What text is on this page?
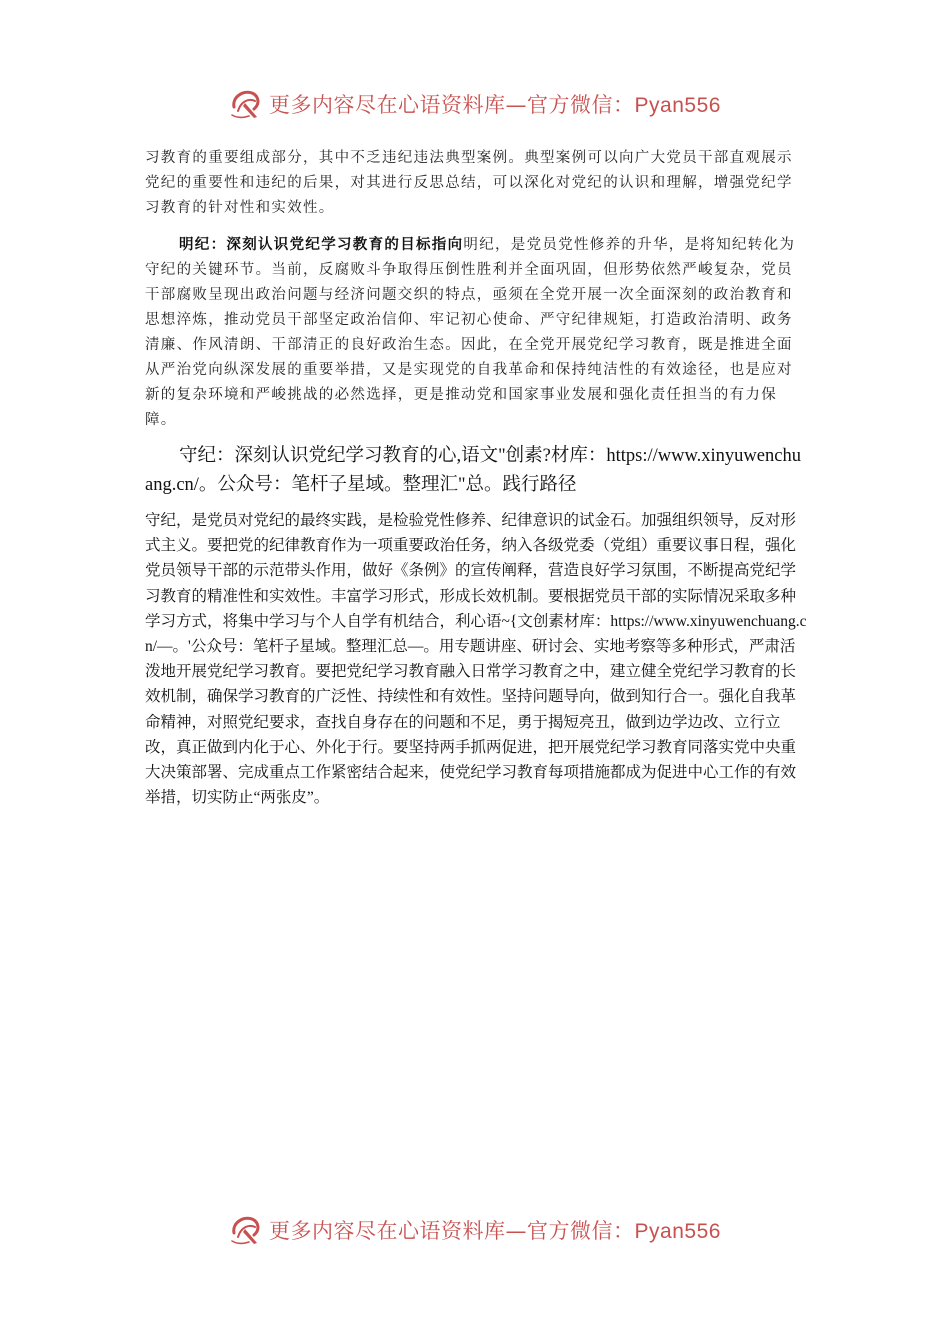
更多内容尽在心语资料库—官方微信：Pyan556
习教育的重要组成部分，其中不乏违纪违法典型案例。典型案例可以向广大党员干部直观展示党纪的重要性和违纪的后果，对其进行反思总结，可以深化对党纪的认识和理解，增强党纪学习教育的针对性和实效性。
明纪：深刻认识党纪学习教育的目标指向明纪，是党员党性修养的升华，是将知纪转化为守纪的关键环节。当前，反腐败斗争取得压倒性胜利并全面巩固，但形势依然严峻复杂，党员干部腐败呈现出政治问题与经济问题交织的特点，亟须在全党开展一次全面深刻的政治教育和思想淬炼，推动党员干部坚定政治信仰、牢记初心使命、严守纪律规矩，打造政治清明、政务清廉、作风清朗、干部清正的良好政治生态。因此，在全党开展党纪学习教育，既是推进全面从严治党向纵深发展的重要举措，又是实现党的自我革命和保持纯洁性的有效途径，也是应对新的复杂环境和严峻挑战的必然选择，更是推动党和国家事业发展和强化责任担当的有力保障。
守纪：深刻认识党纪学习教育的心,语文"创素?材库：https://www.xinyuwenchuang.cn/。公众号：笔杆子星域。整理汇"总。践行路径
守纪，是党员对党纪的最终实践，是检验党性修养、纪律意识的试金石。加强组织领导，反对形式主义。要把党的纪律教育作为一项重要政治任务，纳入各级党委（党组）重要议事日程，强化党员领导干部的示范带头作用，做好《条例》的宣传阐释，营造良好学习氛围，不断提高党纪学习教育的精准性和实效性。丰富学习形式，形成长效机制。要根据党员干部的实际情况采取多种学习方式，将集中学习与个人自学有机结合，利心语~{文创素材库：https://www.xinyuwenchuang.cn/—。'公众号：笔杆子星域。整理汇总—。用专题讲座、研讨会、实地考察等多种形式，严肃活泼地开展党纪学习教育。要把党纪学习教育融入日常学习教育之中，建立健全党纪学习教育的长效机制，确保学习教育的广泛性、持续性和有效性。坚持问题导向，做到知行合一。强化自我革命精神，对照党纪要求，查找自身存在的问题和不足，勇于揭短亮丑，做到边学边改、立行立改，真正做到内化于心、外化于行。要坚持两手抓两促进，把开展党纪学习教育同落实党中央重大决策部署、完成重点工作紧密结合起来，使党纪学习教育每项措施都成为促进中心工作的有效举措，切实防止“两张皮”。
更多内容尽在心语资料库—官方微信：Pyan556
